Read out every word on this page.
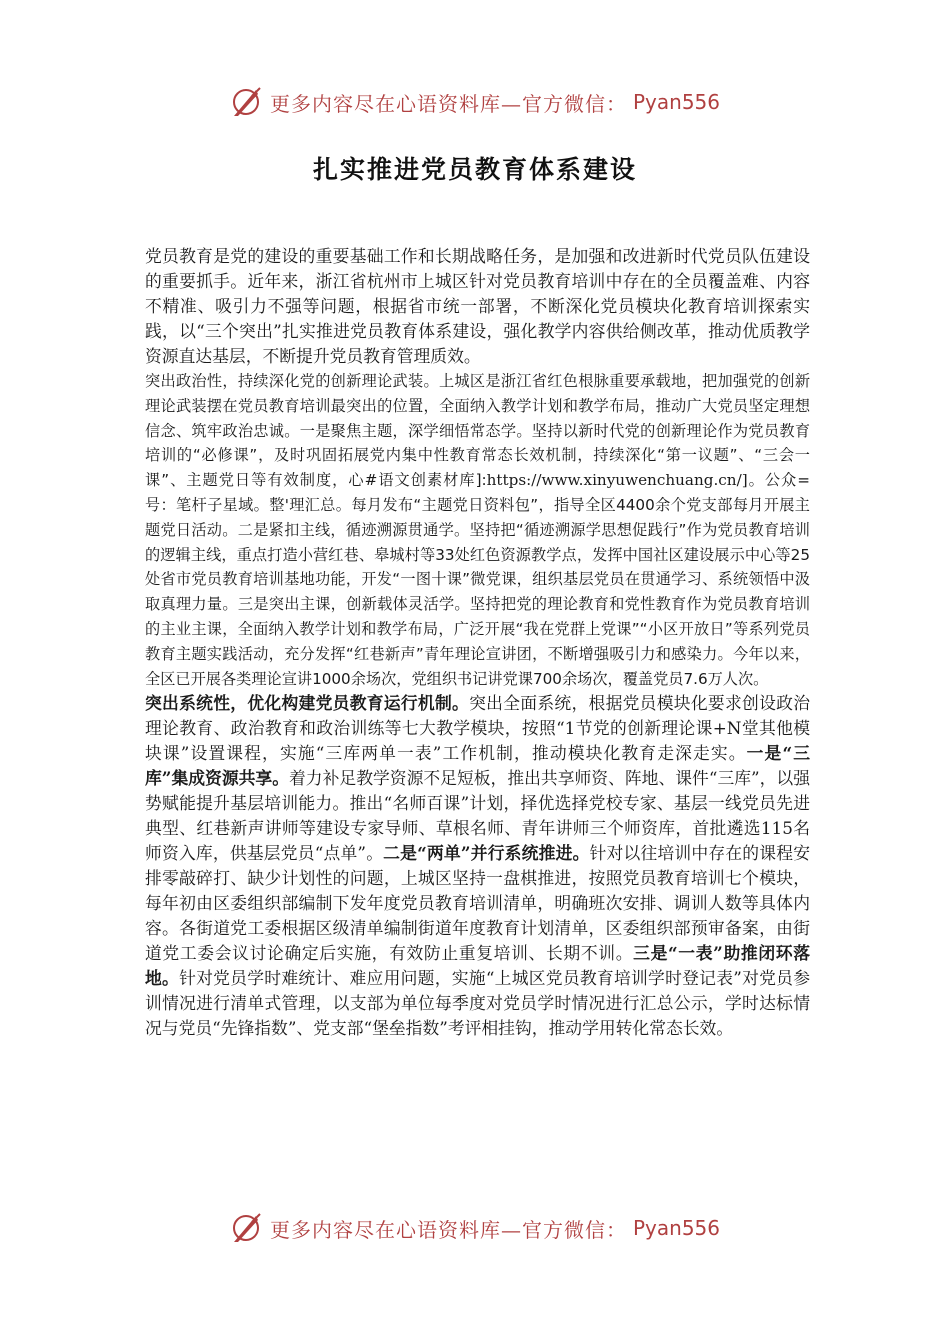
更多内容尽在心语资料库—官方微信： Pyan556
扎实推进党员教育体系建设

党员教育是党的建设的重要基础工作和长期战略任务，是加强和改进新时代党员队伍建设的重要抓手。近年来，浙江省杭州市上城区针对党员教育培训中存在的全员覆盖难、内容不精准、吸引力不强等问题，根据省市统一部署，不断深化党员模块化教育培训探索实践，以“三个突出”扎实推进党员教育体系建设，强化教学内容供给侧改革，推动优质教学资源直达基层，不断提升党员教育管理质效。

突出政治性，持续深化党的创新理论武装。上城区是浙江省红色根脉重要承载地，把加强党的创新理论武装摆在党员教育培训最突出的位置，全面纳入教学计划和教学布局，推动广大党员坚定理想信念、筑牢政治忠诚。一是聚焦主题，深学细悟常态学。坚持以新时代党的创新理论作为党员教育培训的“必修课”，及时巩固拓展党内集中性教育常态长效机制，持续深化“第一议题”、“三会一课”、主题党日等有效制度，心#语文创素材库]:https://www.xinyuwenchuang.cn/]。公众=号：笔杆子星域。整'理汇总。每月发布“主题党日资料包”，指导全区4400余个党支部每月开展主题党日活动。二是紧扣主线，循迹溯源贯通学。坚持把“循迹溯源学思想促践行”作为党员教育培训的逻辑主线，重点打造小营红巷、皋城村等33处红色资源教学点，发挥中国社区建设展示中心等25处省市党员教育培训基地功能，开发“一图十课”微党课，组织基层党员在贯通学习、系统领悟中汲取真理力量。三是突出主课，创新载体灵活学。坚持把党的理论教育和党性教育作为党员教育培训的主业主课，全面纳入教学计划和教学布局，广泛开展“我在党群上党课”“小区开放日”等系列党员教育主题实践活动，充分发挥“红巷新声”青年理论宣讲团，不断增强吸引力和感染力。今年以来，全区已开展各类理论宣讲1000余场次，党组织书记讲党课700余场次，覆盖党员7.6万人次。

突出系统性，优化构建党员教育运行机制。突出全面系统，根据党员模块化要求创设政治理论教育、政治教育和政治训练等七大教学模块，按照“1节党的创新理论课+N堂其他模块课”设置课程，实施“三库两单一表”工作机制，推动模块化教育走深走实。一是“三库”集成资源共享。着力补足教学资源不足短板，推出共享师资、阵地、课件“三库”，以强势赋能提升基层培训能力。推出“名师百课”计划，择优选择党校专家、基层一线党员先进典型、红巷新声讲师等建设专家导师、草根名师、青年讲师三个师资库，首批遴选115名师资入库，供基层党员“点单”。二是“两单”并行系统推进。针对以往培训中存在的课程安排零敲碎打、缺少计划性的问题，上城区坚持一盘棋推进，按照党员教育培训七个模块，每年初由区委组织部编制下发年度党员教育培训清单，明确班次安排、调训人数等具体内容。各街道党工委根据区级清单编制街道年度教育计划清单，区委组织部预审备案，由街道党工委会议讨论确定后实施，有效防止重复培训、长期不训。三是“一表”助推闭环落地。针对党员学时难统计、难应用问题，实施“上城区党员教育培训学时登记表”对党员参训情况进行清单式管理，以支部为单位每季度对党员学时情况进行汇总公示，学时达标情况与党员“先锋指数”、党支部“堡垒指数”考评相挂钩，推动学用转化常态长效。

更多内容尽在心语资料库—官方微信： Pyan556
